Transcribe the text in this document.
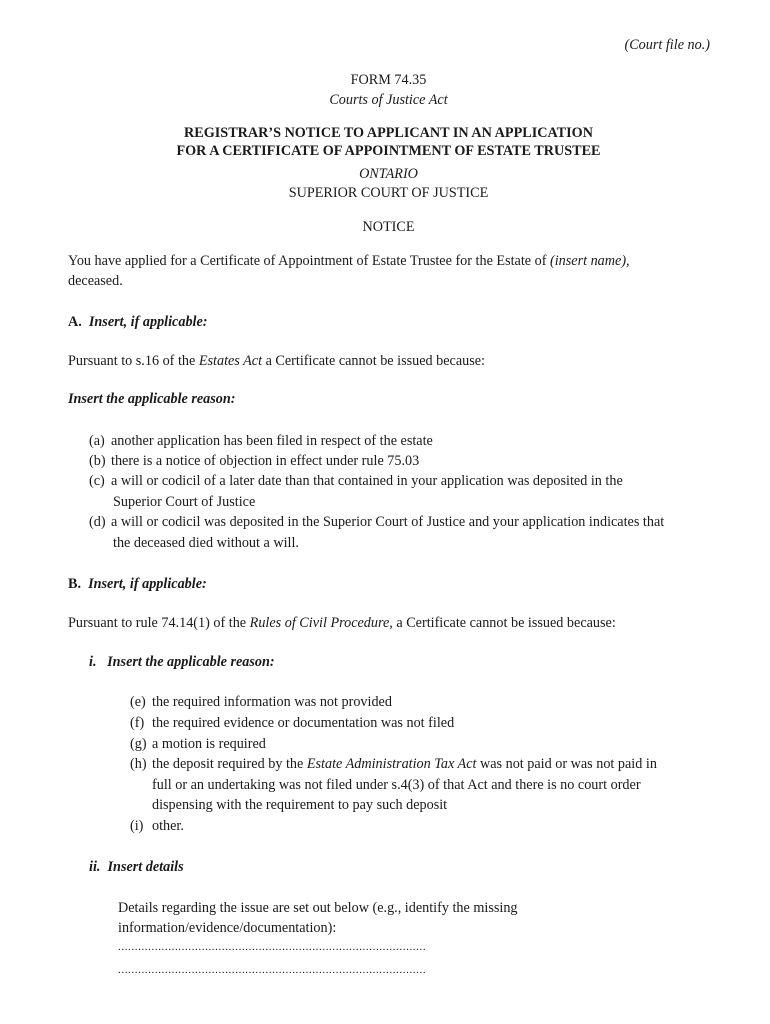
(Court file no.)
FORM 74.35
Courts of Justice Act
REGISTRAR’S NOTICE TO APPLICANT IN AN APPLICATION
FOR A CERTIFICATE OF APPOINTMENT OF ESTATE TRUSTEE
ONTARIO
SUPERIOR COURT OF JUSTICE
NOTICE
You have applied for a Certificate of Appointment of Estate Trustee for the Estate of (insert name),
deceased.
A. Insert, if applicable:
Pursuant to s.16 of the Estates Act a Certificate cannot be issued because:
Insert the applicable reason:
(a) another application has been filed in respect of the estate
(b) there is a notice of objection in effect under rule 75.03
(c) a will or codicil of a later date than that contained in your application was deposited in the
Superior Court of Justice
(d) a will or codicil was deposited in the Superior Court of Justice and your application indicates that
the deceased died without a will.
B. Insert, if applicable:
Pursuant to rule 74.14(1) of the Rules of Civil Procedure, a Certificate cannot be issued because:
i. Insert the applicable reason:
(e) the required information was not provided
(f) the required evidence or documentation was not filed
(g) a motion is required
(h) the deposit required by the Estate Administration Tax Act was not paid or was not paid in
full or an undertaking was not filed under s.4(3) of that Act and there is no court order
dispensing with the requirement to pay such deposit
(i) other.
ii. Insert details
Details regarding the issue are set out below (e.g., identify the missing
information/evidence/documentation):
............................................................................................
............................................................................................
